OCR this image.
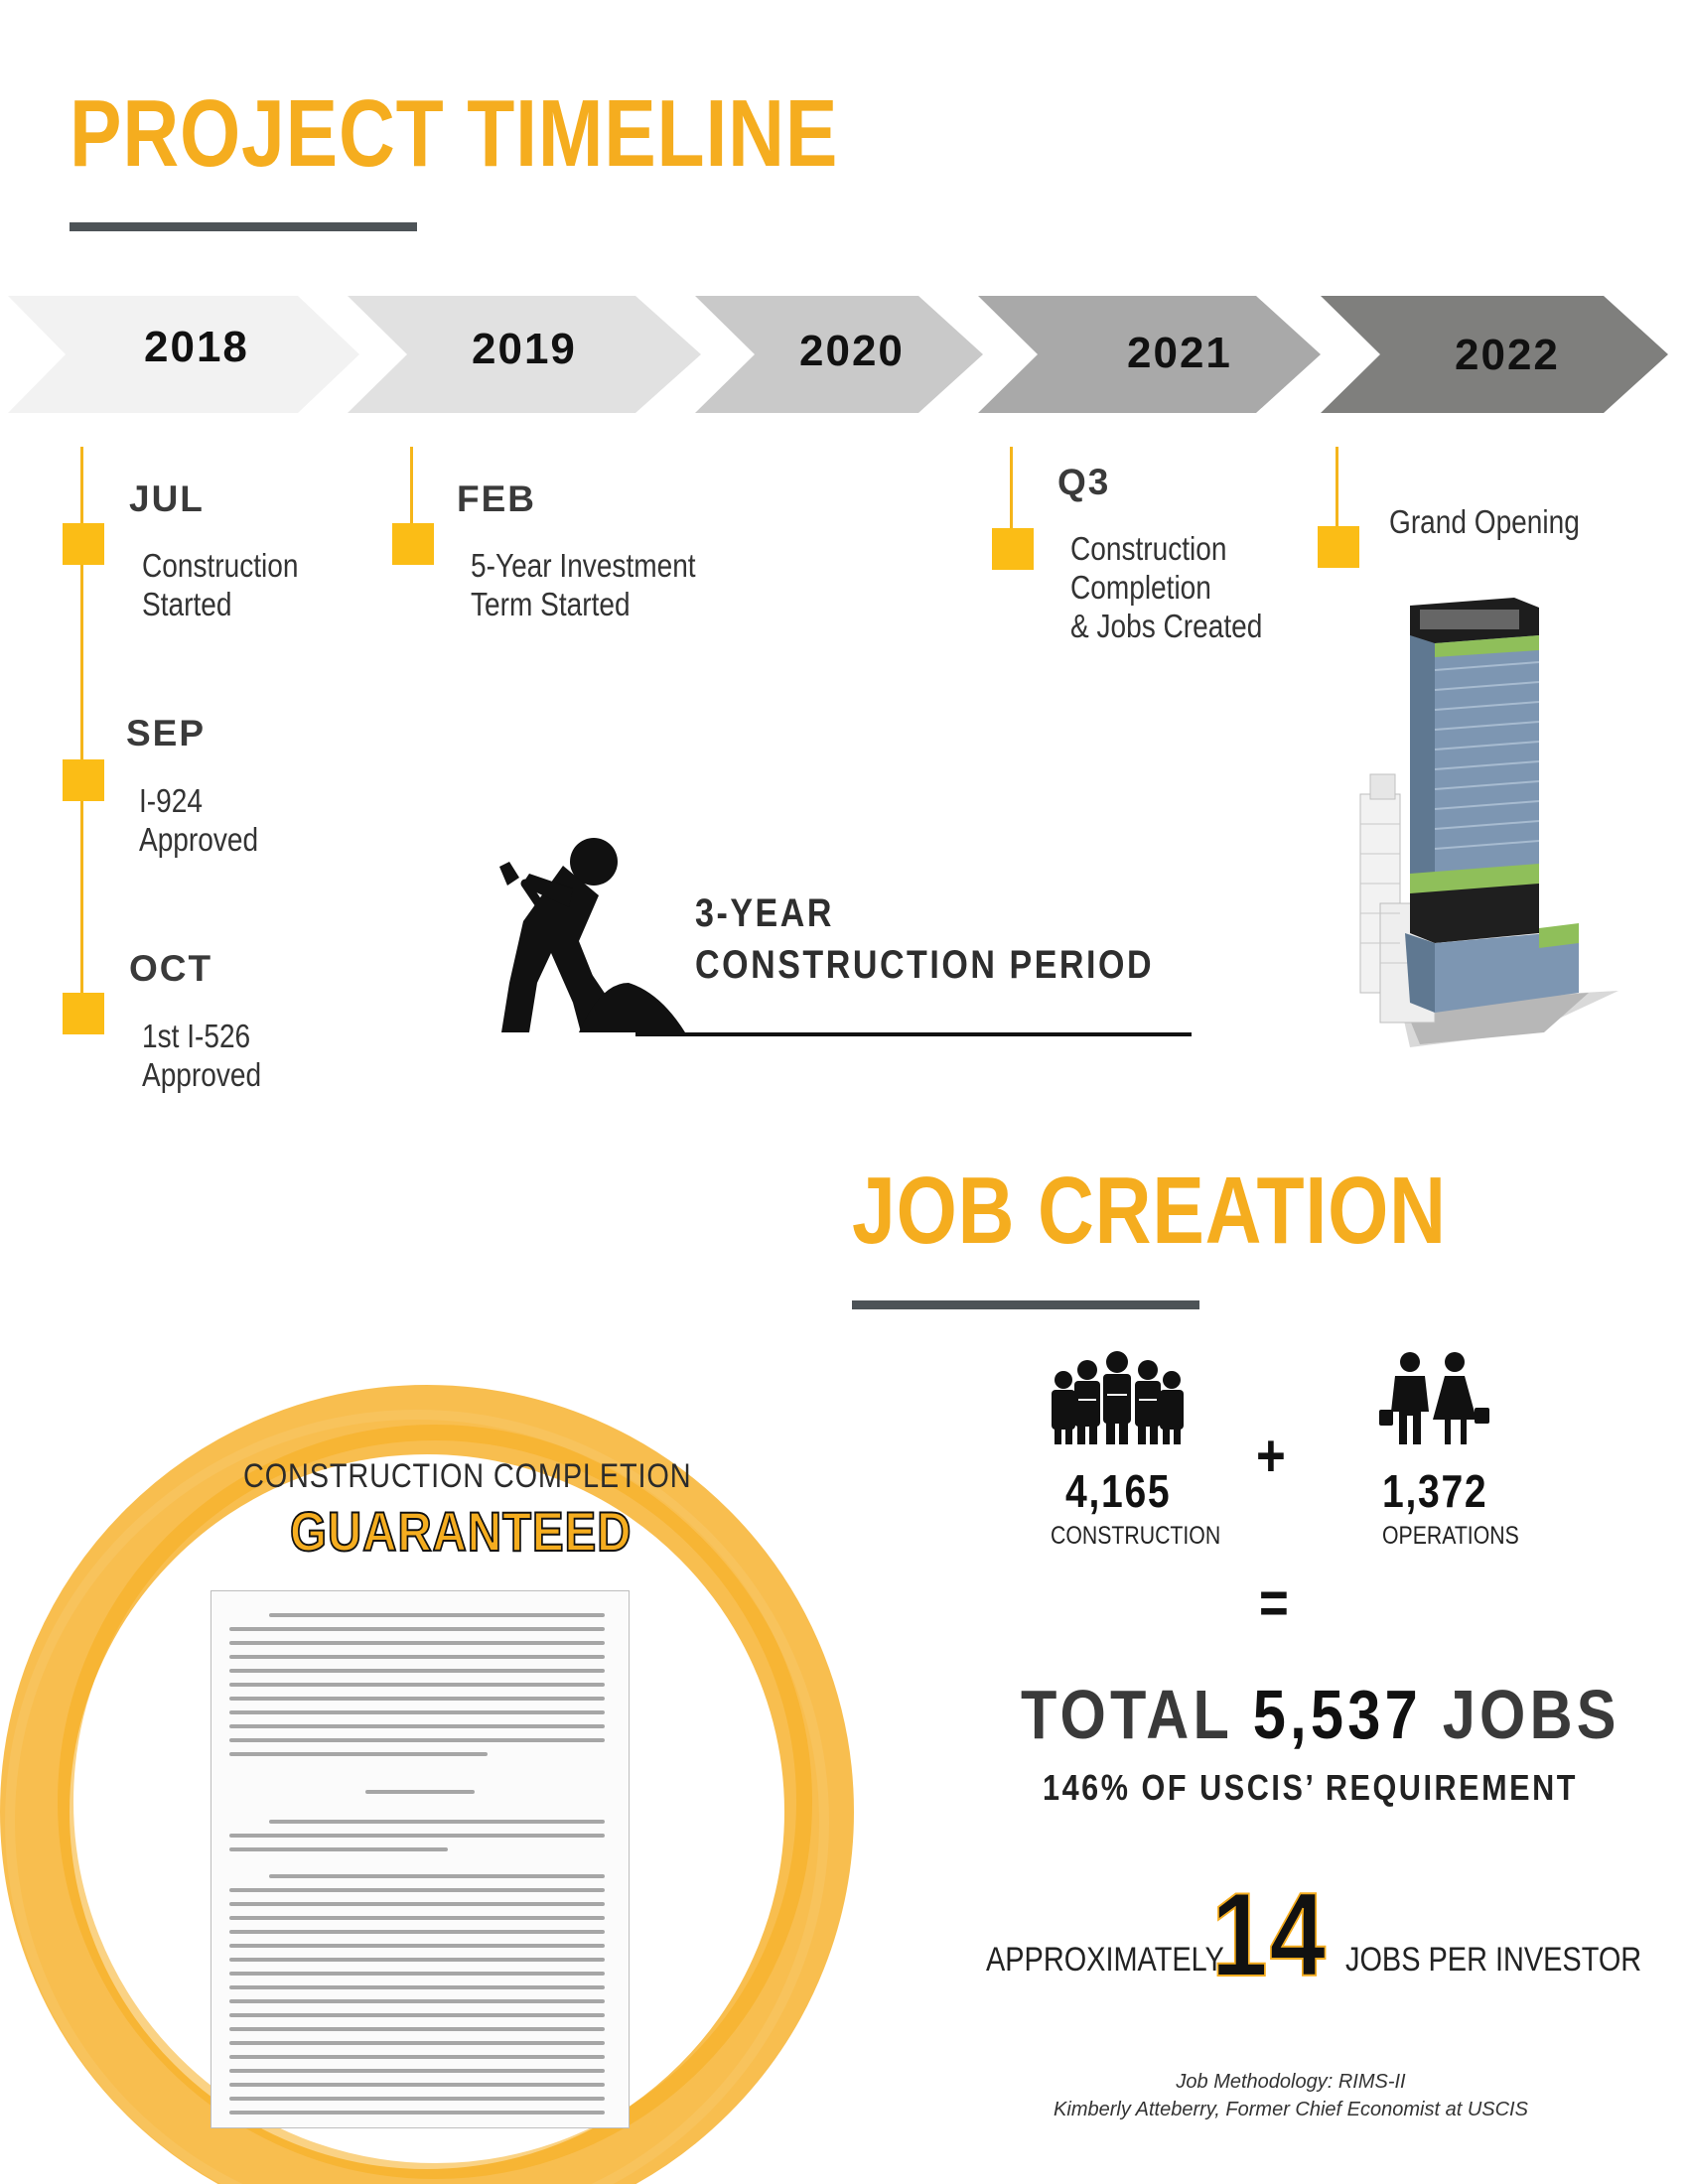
PROJECT TIMELINE
2018	2019	2020	2021	2022
JUL
Construction
Started
SEP
I-924
Approved
OCT
1st I-526
Approved
FEB
5-Year Investment
Term Started
Q3
Construction
Completion
& Jobs Created
Grand Opening
3-YEAR
CONSTRUCTION PERIOD
JOB CREATION
CONSTRUCTION COMPLETION
GUARANTEED
4,165
CONSTRUCTION
+
1,372
OPERATIONS
=
TOTAL 5,537 JOBS
146% OF USCIS’ REQUIREMENT
APPROXIMATELY
14 JOBS PER INVESTOR
Job Methodology: RIMS-II
Kimberly Atteberry, Former Chief Economist at USCIS
